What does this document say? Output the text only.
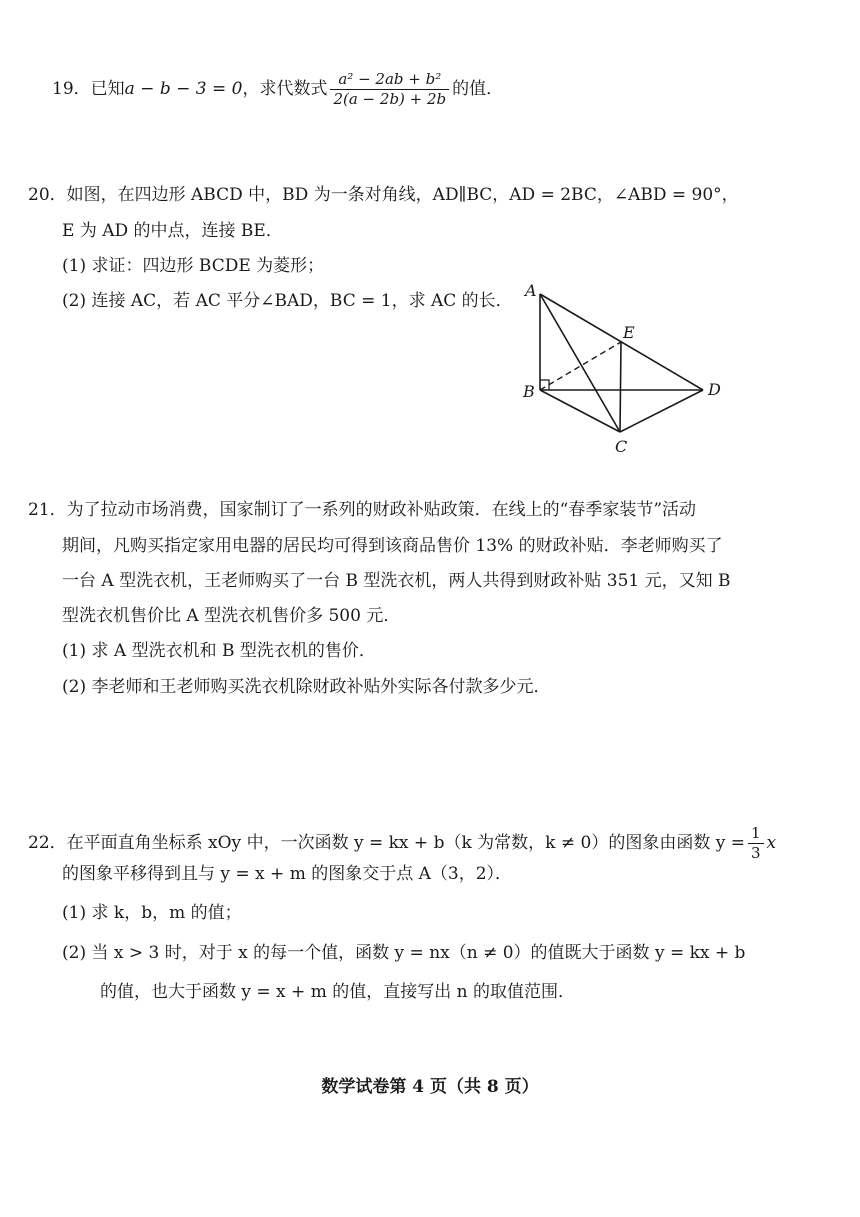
19．已知a − b − 3 = 0，求代数式 $\frac{\text{a² − 2ab + b²}}{2(a - 2b) + 2b}$ 的值．
20．如图，在四边形 ABCD 中，BD 为一条对角线，AD∥BC，AD = 2BC，∠ABD = 90°，
E 为 AD 的中点，连接 BE．
(1) 求证：四边形 BCDE 为菱形；
(2) 连接 AC，若 AC 平分∠BAD，BC = 1，求 AC 的长．
A
B
C
D
E
21．为了拉动市场消费，国家制订了一系列的财政补贴政策．在线上的“春季家装节”活动
期间，凡购买指定家用电器的居民均可得到该商品售价 13% 的财政补贴．李老师购买了
一台 A 型洗衣机，王老师购买了一台 B 型洗衣机，两人共得到财政补贴 351 元，又知 B
型洗衣机售价比 A 型洗衣机售价多 500 元．
(1) 求 A 型洗衣机和 B 型洗衣机的售价．
(2) 李老师和王老师购买洗衣机除财政补贴外实际各付款多少元．
22．在平面直角坐标系 xOy 中，一次函数 y = kx + b（k 为常数，k ≠ 0）的图象由函数 $y = \frac{1}{3}$ x
的图象平移得到且与 y = x + m 的图象交于点 A（3，2）．
(1) 求 k，b，m 的值；
(2) 当 x > 3 时，对于 x 的每一个值，函数 y = nx（n ≠ 0）的值既大于函数 y = kx + b
的值，也大于函数 y = x + m 的值，直接写出 n 的取值范围．
数学试卷第 4 页（共 8 页）
